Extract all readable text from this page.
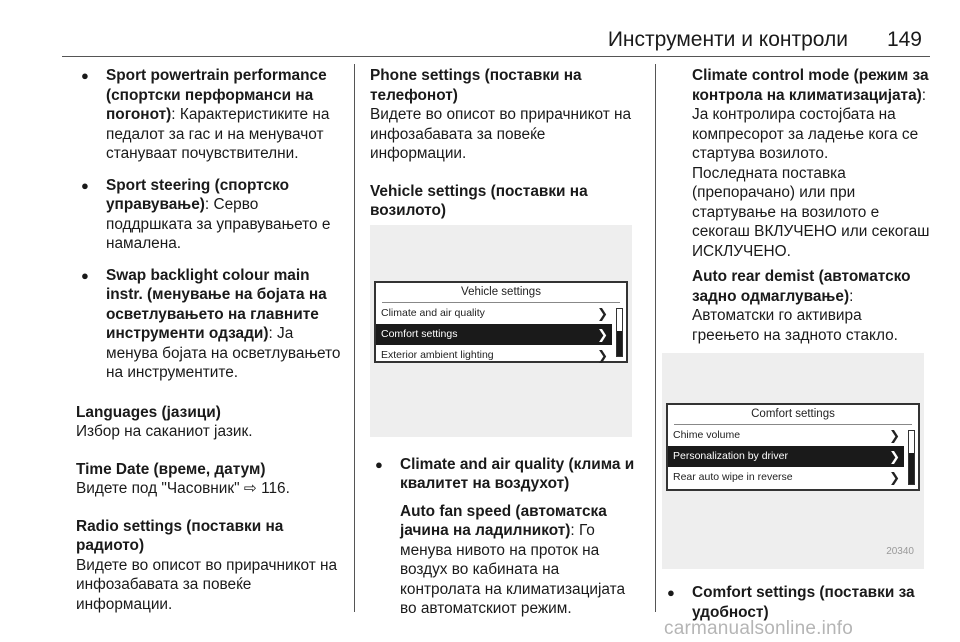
Инструменти и контроли 149
● Sport powertrain performance (спортски перформанси на погонот): Карактеристиките на педалот за гас и на менувачот стануваат почувствителни.
● Sport steering (спортско управување): Серво поддршката за управувањето е намалена.
● Swap backlight colour main instr. (менување на бојата на осветлувањето на главните инструменти одзади): Ја менува бојата на осветлувањето на инструментите.
Languages (јазици)
Избор на саканиот јазик.
Time Date (време, датум)
Видете под "Часовник" ⇨ 116.
Radio settings (поставки на радиото)
Видете во описот во прирачникот на инфозабавата за повеќе информации.
Phone settings (поставки на телефонот)
Видете во описот во прирачникот на инфозабавата за повеќе информации.
Vehicle settings (поставки на возилото)
Vehicle settings
Climate and air quality	❯
Comfort settings	❯
Exterior ambient lighting	❯
● Climate and air quality (клима и квалитет на воздухот)
Auto fan speed (автоматска јачина на ладилникот): Го менува нивото на проток на воздух во кабината на контролата на климатизацијата во автоматскиот режим.
Climate control mode (режим за контрола на климатизацијата): Ја контролира состојбата на компресорот за ладење кога се стартува возилото.
Последната поставка (препорачано) или при стартување на возилото е секогаш ВКЛУЧЕНО или секогаш ИСКЛУЧЕНО.
Auto rear demist (автоматско задно одмаглување): Автоматски го активира греењето на задното стакло.
Comfort settings
Chime volume	❯
Personalization by driver	❯
Rear auto wipe in reverse	❯
20340
● Comfort settings (поставки за удобност)
carmanualsonline.info
